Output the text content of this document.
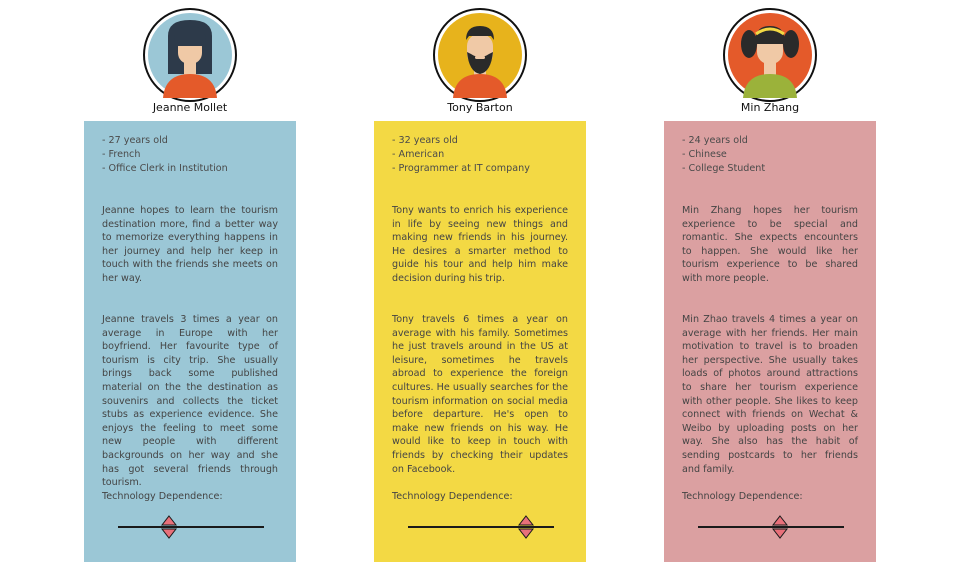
Jeanne Mollet
- 27 years old
- French
- Office Clerk in Institution

Jeanne hopes to learn the tourism destination more, find a better way to memorize everything happens in her journey and help her keep in touch with the friends she meets on her way.

Jeanne travels 3 times a year on average in Europe with her boyfriend. Her favourite type of tourism is city trip. She usually brings back some published material on the the destination as souvenirs and collects the ticket stubs as experience evidence. She enjoys the feeling to meet some new people with different backgrounds on her way and she has got several friends through tourism.

Technology Dependence:
Tony Barton
- 32 years old
- American
- Programmer at IT company

Tony wants to enrich his experience in life by seeing new things and making new friends in his journey. He desires a smarter method to guide his tour and help him make decision during his trip.

Tony travels 6 times a year on average with his family. Sometimes he just travels around in the US at leisure, sometimes he travels abroad to experience the foreign cultures. He usually searches for the tourism information on social media before departure. He's open to make new friends on his way. He would like to keep in touch with friends by checking their updates on Facebook.

Technology Dependence:
Min Zhang
- 24 years old
- Chinese
- College Student

Min Zhang hopes her tourism experience to be special and romantic. She expects encounters to happen. She would like her tourism experience to be shared with more people.

Min Zhao travels 4 times a year on average with her friends. Her main motivation to travel is to broaden her perspective. She usually takes loads of photos around attractions to share her tourism experience with other people. She likes to keep connect with friends on Wechat & Weibo by uploading posts on her way. She also has the habit of sending postcards to her friends and family.

Technology Dependence:
